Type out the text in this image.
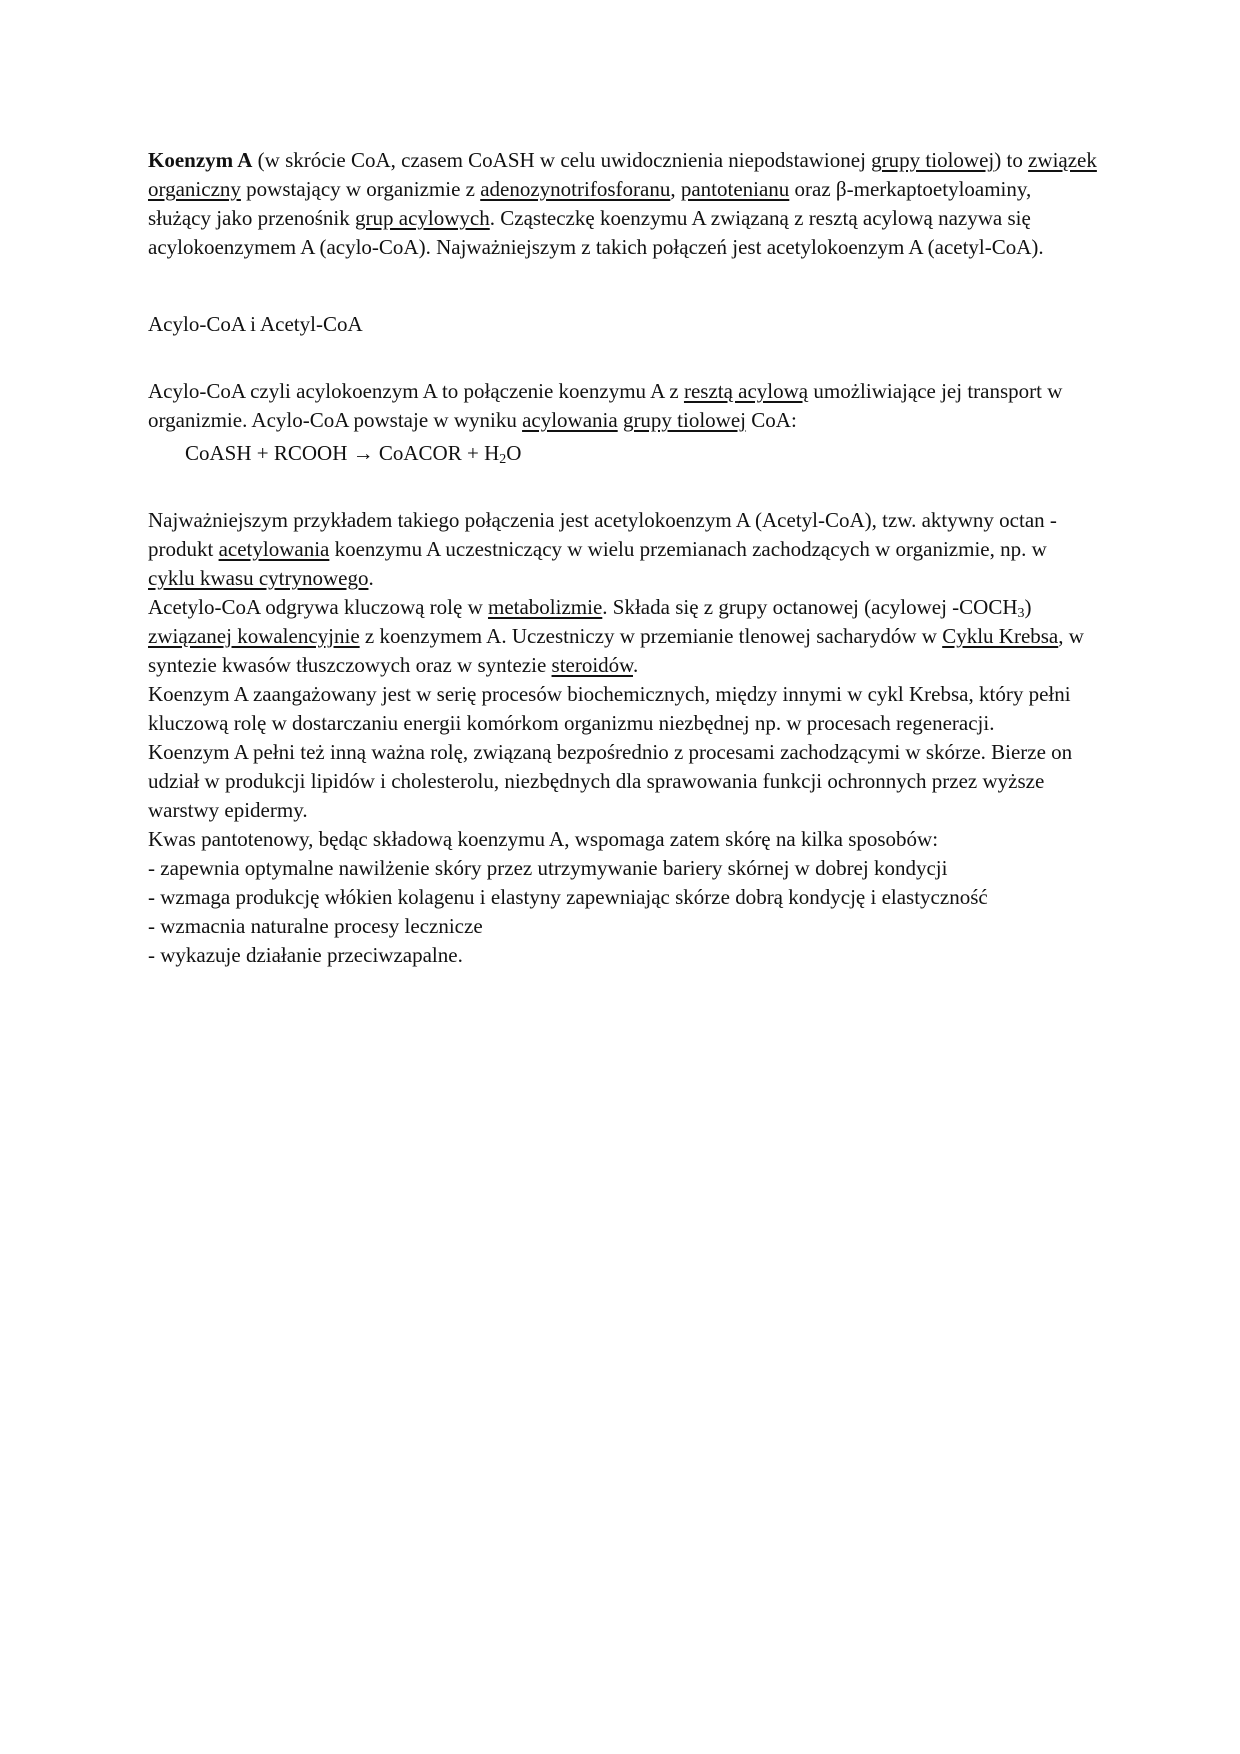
Koenzym A (w skrócie CoA, czasem CoASH w celu uwidocznienia niepodstawionej grupy tiolowej) to związek organiczny powstający w organizmie z adenozynotrifosforanu, pantotenianu oraz β-merkaptoetyloaminy, służący jako przenośnik grup acylowych. Cząsteczkę koenzymu A związaną z resztą acylową nazywa się acylokoenzymem A (acylo-CoA). Najważniejszym z takich połączeń jest acetylokoenzym A (acetyl-CoA).

Acylo-CoA i Acetyl-CoA

Acylo-CoA czyli acylokoenzym A to połączenie koenzymu A z resztą acylową umożliwiające jej transport w organizmie. Acylo-CoA powstaje w wyniku acylowania grupy tiolowej CoA:

CoASH + RCOOH → CoACOR + $H_2O$

Najważniejszym przykładem takiego połączenia jest acetylokoenzym A (Acetyl-CoA), tzw. aktywny octan - produkt acetylowania koenzymu A uczestniczący w wielu przemianach zachodzących w organizmie, np. w cyklu kwasu cytrynowego.

Acetylo-CoA odgrywa kluczową rolę w metabolizmie. Składa się z grupy octanowej (acylowej $-COCH_3$) związanej kowalencyjnie z koenzymem A. Uczestniczy w przemianie tlenowej sacharydów w Cyklu Krebsa, w syntezie kwasów tłuszczowych oraz w syntezie steroidów.

Koenzym A zaangażowany jest w serię procesów biochemicznych, między innymi w cykl Krebsa, który pełni kluczową rolę w dostarczaniu energii komórkom organizmu niezbędnej np. w procesach regeneracji.

Koenzym A pełni też inną ważna rolę, związaną bezpośrednio z procesami zachodzącymi w skórze. Bierze on udział w produkcji lipidów i cholesterolu, niezbędnych dla sprawowania funkcji ochronnych przez wyższe warstwy epidermy.

Kwas pantotenowy, będąc składową koenzymu A, wspomaga zatem skórę na kilka sposobów:

- zapewnia optymalne nawilżenie skóry przez utrzymywanie bariery skórnej w dobrej kondycji

- wzmaga produkcję włókien kolagenu i elastyny zapewniając skórze dobrą kondycję i elastyczność

- wzmacnia naturalne procesy lecznicze

- wykazuje działanie przeciwzapalne.
